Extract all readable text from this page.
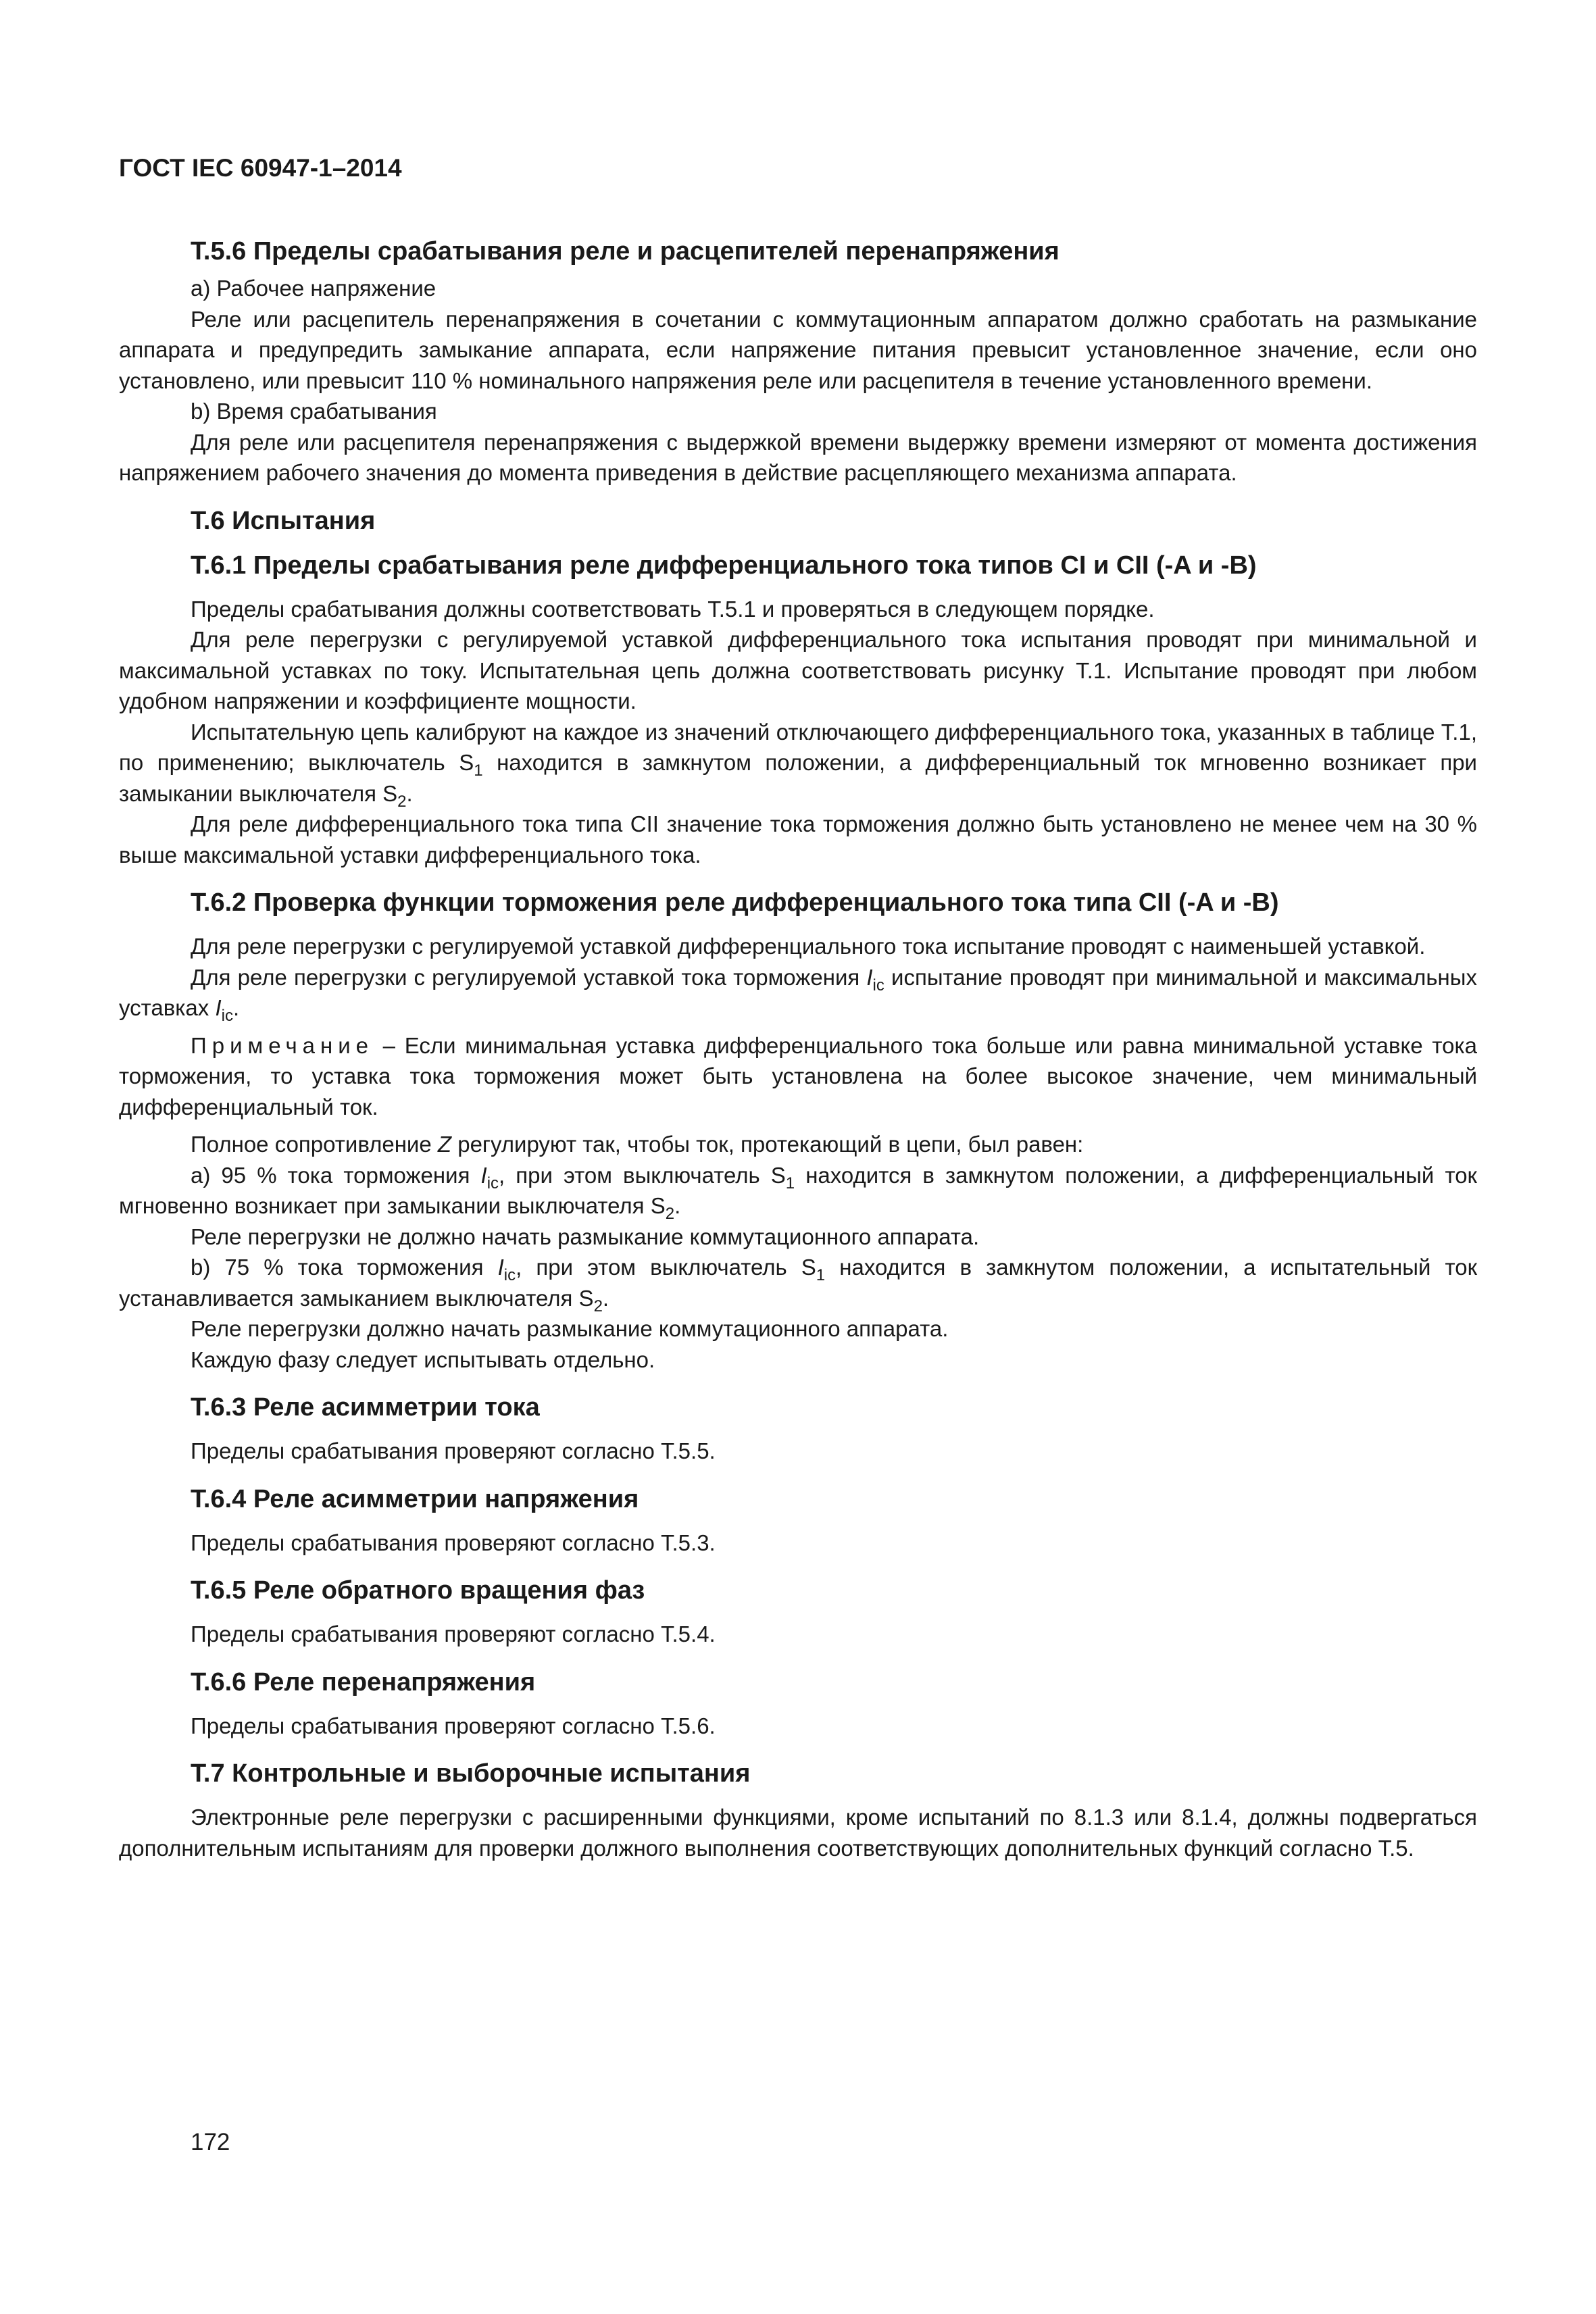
ГОСТ IEC 60947-1–2014

Т.5.6 Пределы срабатывания реле и расцепителей перенапряжения

a) Рабочее напряжение

Реле или расцепитель перенапряжения в сочетании с коммутационным аппаратом должно сработать на размыкание аппарата и предупредить замыкание аппарата, если напряжение питания превысит установленное значение, если оно установлено, или превысит 110 % номинального напряжения реле или расцепителя в течение установленного времени.

b) Время срабатывания

Для реле или расцепителя перенапряжения с выдержкой времени выдержку времени измеряют от момента достижения напряжением рабочего значения до момента приведения в действие расцепляющего механизма аппарата.

Т.6 Испытания
Т.6.1 Пределы срабатывания реле дифференциального тока типов CI и CII (-A и -B)

Пределы срабатывания должны соответствовать Т.5.1 и проверяться в следующем порядке.

Для реле перегрузки с регулируемой уставкой дифференциального тока испытания проводят при минимальной и максимальной уставках по току. Испытательная цепь должна соответствовать рисунку Т.1. Испытание проводят при любом удобном напряжении и коэффициенте мощности.

Испытательную цепь калибруют на каждое из значений отключающего дифференциального тока, указанных в таблице Т.1, по применению; выключатель $S_1$ находится в замкнутом положении, а дифференциальный ток мгновенно возникает при замыкании выключателя $S_2$.

Для реле дифференциального тока типа CII значение тока торможения должно быть установлено не менее чем на 30 % выше максимальной уставки дифференциального тока.

Т.6.2 Проверка функции торможения реле дифференциального тока типа CII (-A и -B)

Для реле перегрузки с регулируемой уставкой дифференциального тока испытание проводят с наименьшей уставкой.

Для реле перегрузки с регулируемой уставкой тока торможения $I_{ic}$ испытание проводят при минимальной и максимальных уставках $I_{ic}$.

Примечание – Если минимальная уставка дифференциального тока больше или равна минимальной уставке тока торможения, то уставка тока торможения может быть установлена на более высокое значение, чем минимальный дифференциальный ток.

Полное сопротивление Z регулируют так, чтобы ток, протекающий в цепи, был равен:

а) 95 % тока торможения $I_{ic}$, при этом выключатель $S_1$ находится в замкнутом положении, а дифференциальный ток мгновенно возникает при замыкании выключателя $S_2$.

Реле перегрузки не должно начать размыкание коммутационного аппарата.

b) 75 % тока торможения $I_{ic}$, при этом выключатель $S_1$ находится в замкнутом положении, а испытательный ток устанавливается замыканием выключателя $S_2$.

Реле перегрузки должно начать размыкание коммутационного аппарата.

Каждую фазу следует испытывать отдельно.

Т.6.3 Реле асимметрии тока

Пределы срабатывания проверяют согласно Т.5.5.

Т.6.4 Реле асимметрии напряжения

Пределы срабатывания проверяют согласно Т.5.3.

Т.6.5 Реле обратного вращения фаз

Пределы срабатывания проверяют согласно Т.5.4.

Т.6.6 Реле перенапряжения

Пределы срабатывания проверяют согласно Т.5.6.

Т.7 Контрольные и выборочные испытания

Электронные реле перегрузки с расширенными функциями, кроме испытаний по 8.1.3 или 8.1.4, должны подвергаться дополнительным испытаниям для проверки должного выполнения соответствующих дополнительных функций согласно Т.5.

172
